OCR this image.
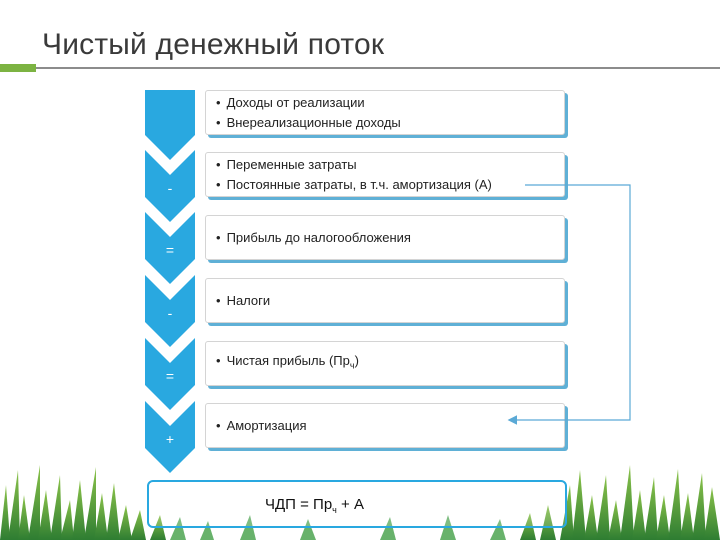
Чистый денежный поток
-
=
-
=
+
• Доходы от реализации
• Внереализационные доходы
• Переменные затраты
• Постоянные затраты, в т.ч. амортизация (А)
• Прибыль до налогообложения
• Налоги
• Чистая прибыль $(Пр_ч)$
• Амортизация
ЧДП = $Пр_ч + А$
